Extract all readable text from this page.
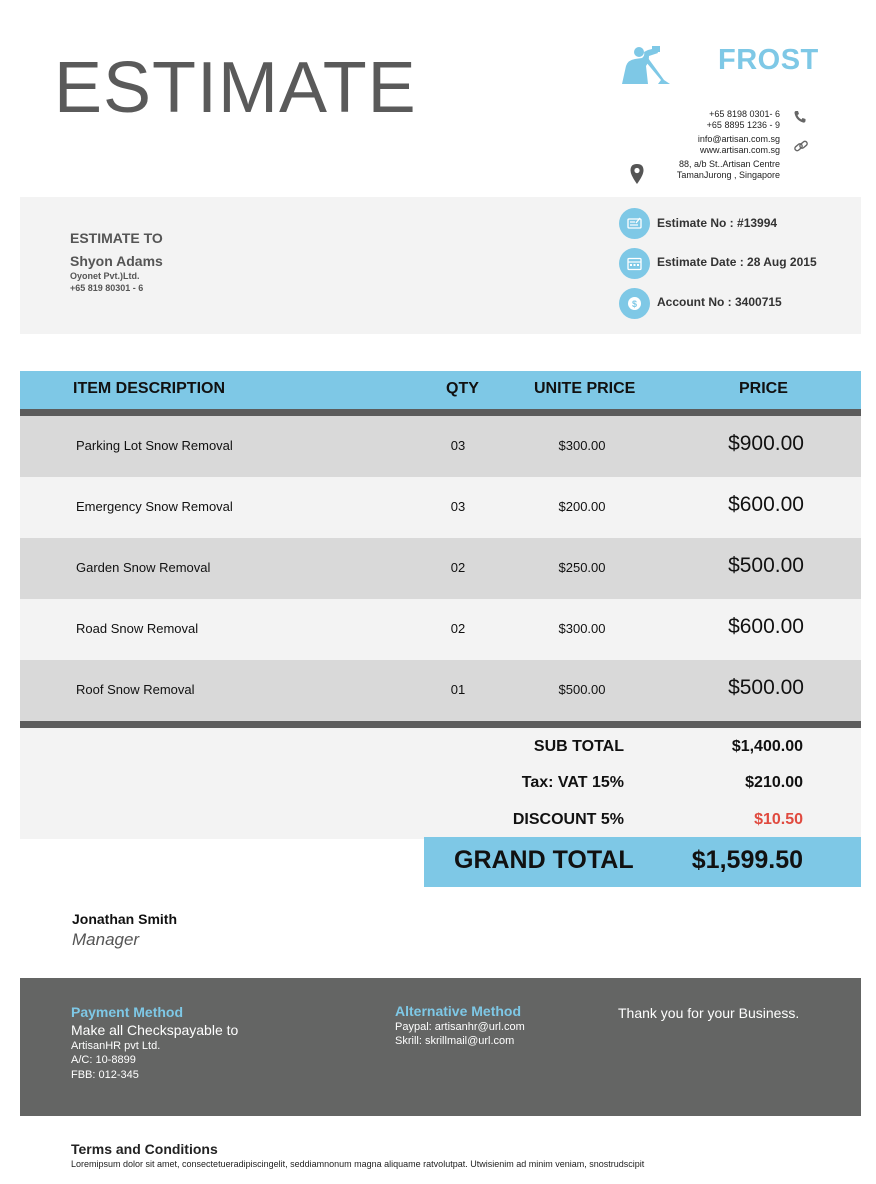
ESTIMATE	FROST
+65 8198 0301- 6
+65 8895 1236 - 9
info@artisan.com.sg
www.artisan.com.sg
88, a/b St..Artisan Centre
TamanJurong , Singapore
ESTIMATE TO
Shyon Adams
Oyonet Pvt.)Ltd.
+65 819 80301 - 6
Estimate No : #13994
Estimate Date : 28 Aug 2015
$ Account No : 3400715
ITEM DESCRIPTION	QTY	UNITE PRICE	PRICE
Parking Lot Snow Removal	03	$300.00	$900.00
Emergency Snow Removal	03	$200.00	$600.00
Garden Snow Removal	02	$250.00	$500.00
Road Snow Removal	02	$300.00	$600.00
Roof Snow Removal	01	$500.00	$500.00
SUB TOTAL	$1,400.00
Tax: VAT 15%	$210.00
DISCOUNT 5%	$10.50
GRAND TOTAL $1,599.50
Jonathan Smith
Manager
Payment Method
Make all Checkspayable to
ArtisanHR pvt Ltd.
A/C: 10-8899
FBB: 012-345
Alternative Method
Paypal: artisanhr@url.com
Skrill: skrillmail@url.com
Thank you for your Business.
Terms and Conditions
Loremipsum dolor sit amet, consectetueradipiscingelit, seddiamnonum magna aliquame ratvolutpat. Utwisienim ad minim veniam, snostrudscipit
